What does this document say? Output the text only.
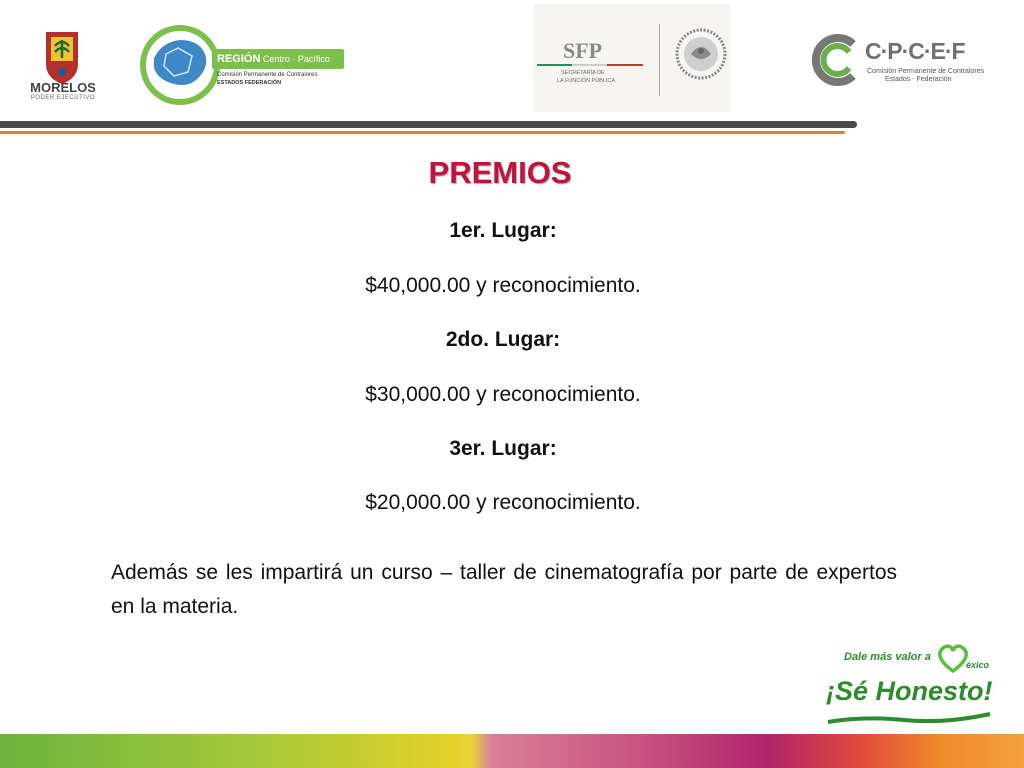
MORELOS
PODER EJECUTIVO
REGIÓN Centro · Pacífico
Comisión Permanente de Contralores
ESTADOS FEDERACIÓN
SFP
SECRETARÍA DE
LA FUNCIÓN PÚBLICA
C·P·C·E·F
Comisión Permanente de Contralores
Estados - Federación
PREMIOS
1er. Lugar:
$40,000.00 y reconocimiento.
2do. Lugar:
$30,000.00 y reconocimiento.
3er. Lugar:
$20,000.00 y reconocimiento.
Además se les impartirá un curso – taller de cinematografía por parte de expertos en la materia.
Dale más valor a
éxico
¡Sé Honesto!
